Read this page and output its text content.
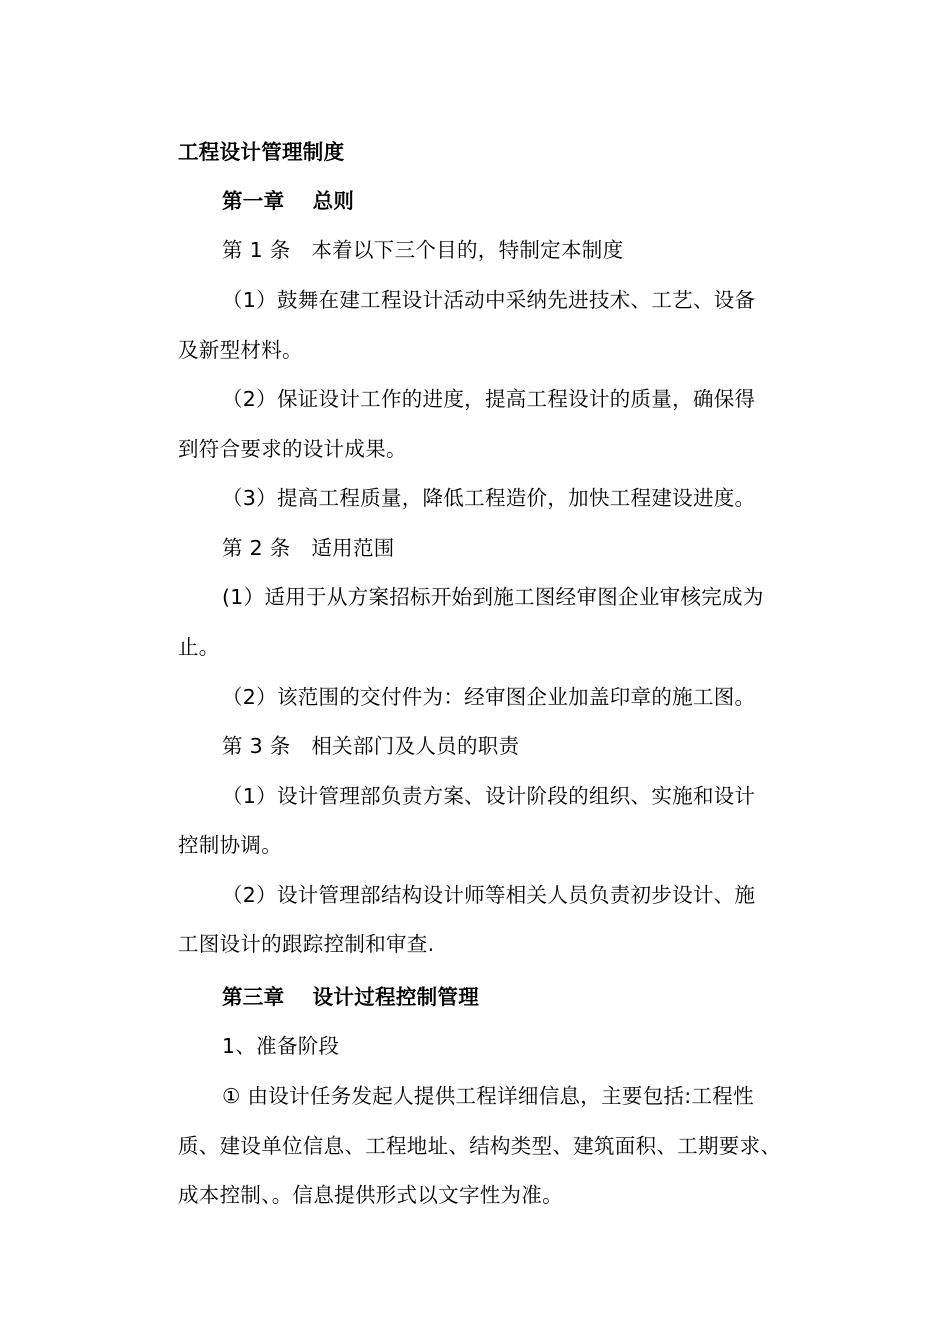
工程设计管理制度
第一章　 总则
第 1 条　本着以下三个目的，特制定本制度
（1）鼓舞在建工程设计活动中采纳先进技术、工艺、设备
及新型材料。
（2）保证设计工作的进度，提高工程设计的质量，确保得
到符合要求的设计成果。
（3）提高工程质量，降低工程造价，加快工程建设进度。
第 2 条　适用范围
(1）适用于从方案招标开始到施工图经审图企业审核完成为
止。
（2）该范围的交付件为：经审图企业加盖印章的施工图。
第 3 条　相关部门及人员的职责
（1）设计管理部负责方案、设计阶段的组织、实施和设计
控制协调。
（2）设计管理部结构设计师等相关人员负责初步设计、施
工图设计的跟踪控制和审查.
第三章　 设计过程控制管理
1、准备阶段
① 由设计任务发起人提供工程详细信息，主要包括:工程性
质、建设单位信息、工程地址、结构类型、建筑面积、工期要求、
成本控制、。信息提供形式以文字性为准。
